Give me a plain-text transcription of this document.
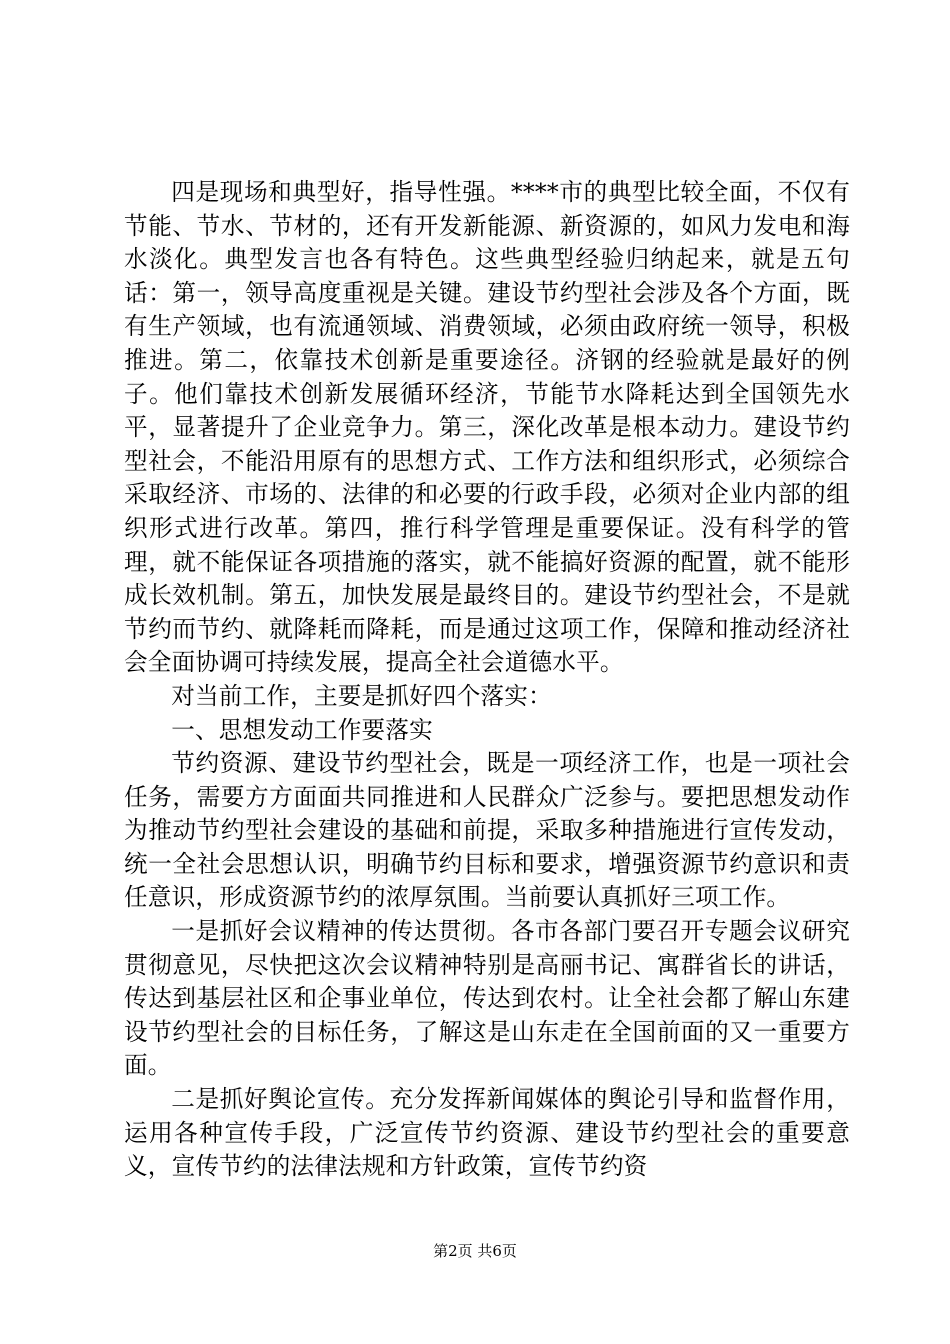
四是现场和典型好，指导性强。****市的典型比较全面，不仅有节能、节水、节材的，还有开发新能源、新资源的，如风力发电和海水淡化。典型发言也各有特色。这些典型经验归纳起来，就是五句话：第一，领导高度重视是关键。建设节约型社会涉及各个方面，既有生产领域，也有流通领域、消费领域，必须由政府统一领导，积极推进。第二，依靠技术创新是重要途径。济钢的经验就是最好的例子。他们靠技术创新发展循环经济，节能节水降耗达到全国领先水平，显著提升了企业竞争力。第三，深化改革是根本动力。建设节约型社会，不能沿用原有的思想方式、工作方法和组织形式，必须综合采取经济、市场的、法律的和必要的行政手段，必须对企业内部的组织形式进行改革。第四，推行科学管理是重要保证。没有科学的管理，就不能保证各项措施的落实，就不能搞好资源的配置，就不能形成长效机制。第五，加快发展是最终目的。建设节约型社会，不是就节约而节约、就降耗而降耗，而是通过这项工作，保障和推动经济社会全面协调可持续发展，提高全社会道德水平。

对当前工作，主要是抓好四个落实：

一、思想发动工作要落实

节约资源、建设节约型社会，既是一项经济工作，也是一项社会任务，需要方方面面共同推进和人民群众广泛参与。要把思想发动作为推动节约型社会建设的基础和前提，采取多种措施进行宣传发动，统一全社会思想认识，明确节约目标和要求，增强资源节约意识和责任意识，形成资源节约的浓厚氛围。当前要认真抓好三项工作。

一是抓好会议精神的传达贯彻。各市各部门要召开专题会议研究贯彻意见，尽快把这次会议精神特别是高丽书记、寓群省长的讲话，传达到基层社区和企事业单位，传达到农村。让全社会都了解山东建设节约型社会的目标任务，了解这是山东走在全国前面的又一重要方面。

二是抓好舆论宣传。充分发挥新闻媒体的舆论引导和监督作用，运用各种宣传手段，广泛宣传节约资源、建设节约型社会的重要意义，宣传节约的法律法规和方针政策，宣传节约资

第2页 共6页
